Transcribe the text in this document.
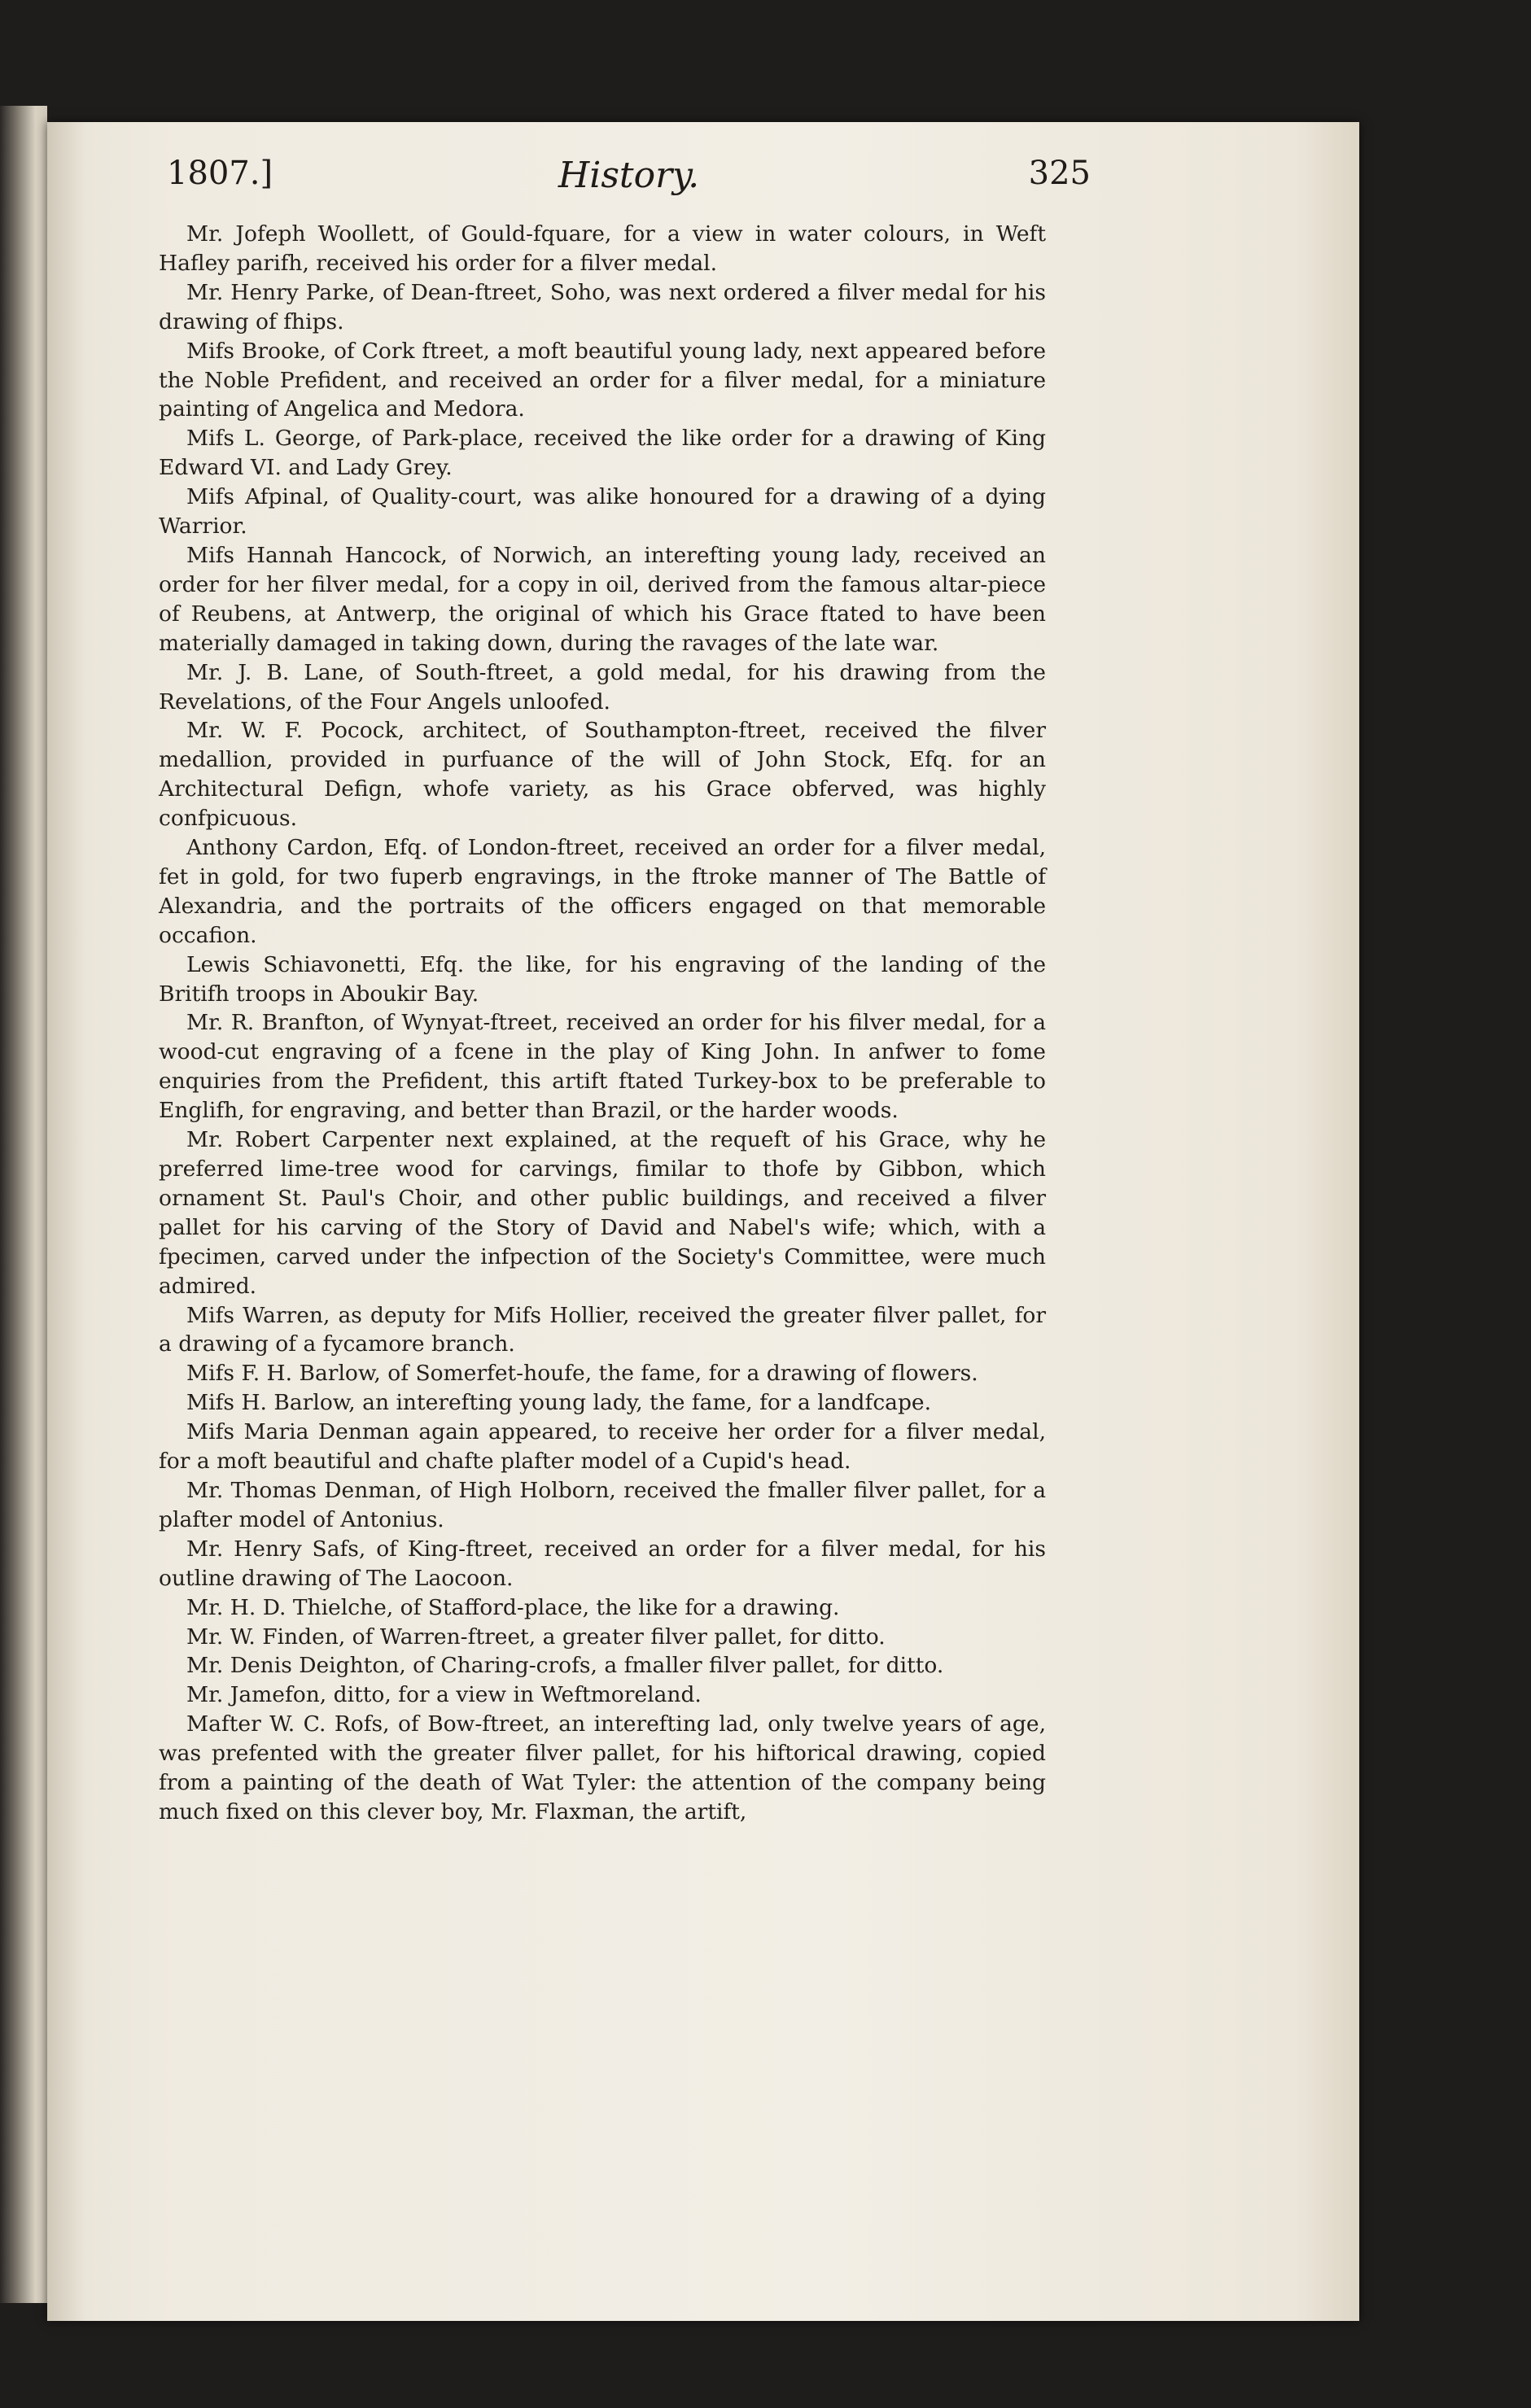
1807.]	History.	325

Mr. Jofeph Woollett, of Gould-fquare, for a view in water colours, in Weft Hafley parifh, received his order for a filver medal.

Mr. Henry Parke, of Dean-ftreet, Soho, was next ordered a filver medal for his drawing of fhips.

Mifs Brooke, of Cork ftreet, a moft beautiful young lady, next appeared before the Noble Prefident, and received an order for a filver medal, for a miniature painting of Angelica and Medora.

Mifs L. George, of Park-place, received the like order for a drawing of King Edward VI. and Lady Grey.

Mifs Afpinal, of Quality-court, was alike honoured for a drawing of a dying Warrior.

Mifs Hannah Hancock, of Norwich, an interefting young lady, received an order for her filver medal, for a copy in oil, derived from the famous altar-piece of Reubens, at Antwerp, the original of which his Grace ftated to have been materially damaged in taking down, during the ravages of the late war.

Mr. J. B. Lane, of South-ftreet, a gold medal, for his drawing from the Revelations, of the Four Angels unloofed.

Mr. W. F. Pocock, architect, of Southampton-ftreet, received the filver medallion, provided in purfuance of the will of John Stock, Efq. for an Architectural Defign, whofe variety, as his Grace obferved, was highly confpicuous.

Anthony Cardon, Efq. of London-ftreet, received an order for a filver medal, fet in gold, for two fuperb engravings, in the ftroke manner of The Battle of Alexandria, and the portraits of the officers engaged on that memorable occafion.

Lewis Schiavonetti, Efq. the like, for his engraving of the landing of the Britifh troops in Aboukir Bay.

Mr. R. Branfton, of Wynyat-ftreet, received an order for his filver medal, for a wood-cut engraving of a fcene in the play of King John. In anfwer to fome enquiries from the Prefident, this artift ftated Turkey-box to be preferable to Englifh, for engraving, and better than Brazil, or the harder woods.

Mr. Robert Carpenter next explained, at the requeft of his Grace, why he preferred lime-tree wood for carvings, fimilar to thofe by Gibbon, which ornament St. Paul's Choir, and other public buildings, and received a filver pallet for his carving of the Story of David and Nabel's wife; which, with a fpecimen, carved under the infpection of the Society's Committee, were much admired.

Mifs Warren, as deputy for Mifs Hollier, received the greater filver pallet, for a drawing of a fycamore branch.

Mifs F. H. Barlow, of Somerfet-houfe, the fame, for a drawing of flowers.

Mifs H. Barlow, an interefting young lady, the fame, for a landfcape.

Mifs Maria Denman again appeared, to receive her order for a filver medal, for a moft beautiful and chafte plafter model of a Cupid's head.

Mr. Thomas Denman, of High Holborn, received the fmaller filver pallet, for a plafter model of Antonius.

Mr. Henry Safs, of King-ftreet, received an order for a filver medal, for his outline drawing of The Laocoon.

Mr. H. D. Thielche, of Stafford-place, the like for a drawing.

Mr. W. Finden, of Warren-ftreet, a greater filver pallet, for ditto.

Mr. Denis Deighton, of Charing-crofs, a fmaller filver pallet, for ditto.

Mr. Jamefon, ditto, for a view in Weftmoreland.

Mafter W. C. Rofs, of Bow-ftreet, an interefting lad, only twelve years of age, was prefented with the greater filver pallet, for his hiftorical drawing, copied from a painting of the death of Wat Tyler: the attention of the company being much fixed on this clever boy, Mr. Flaxman, the artift,
